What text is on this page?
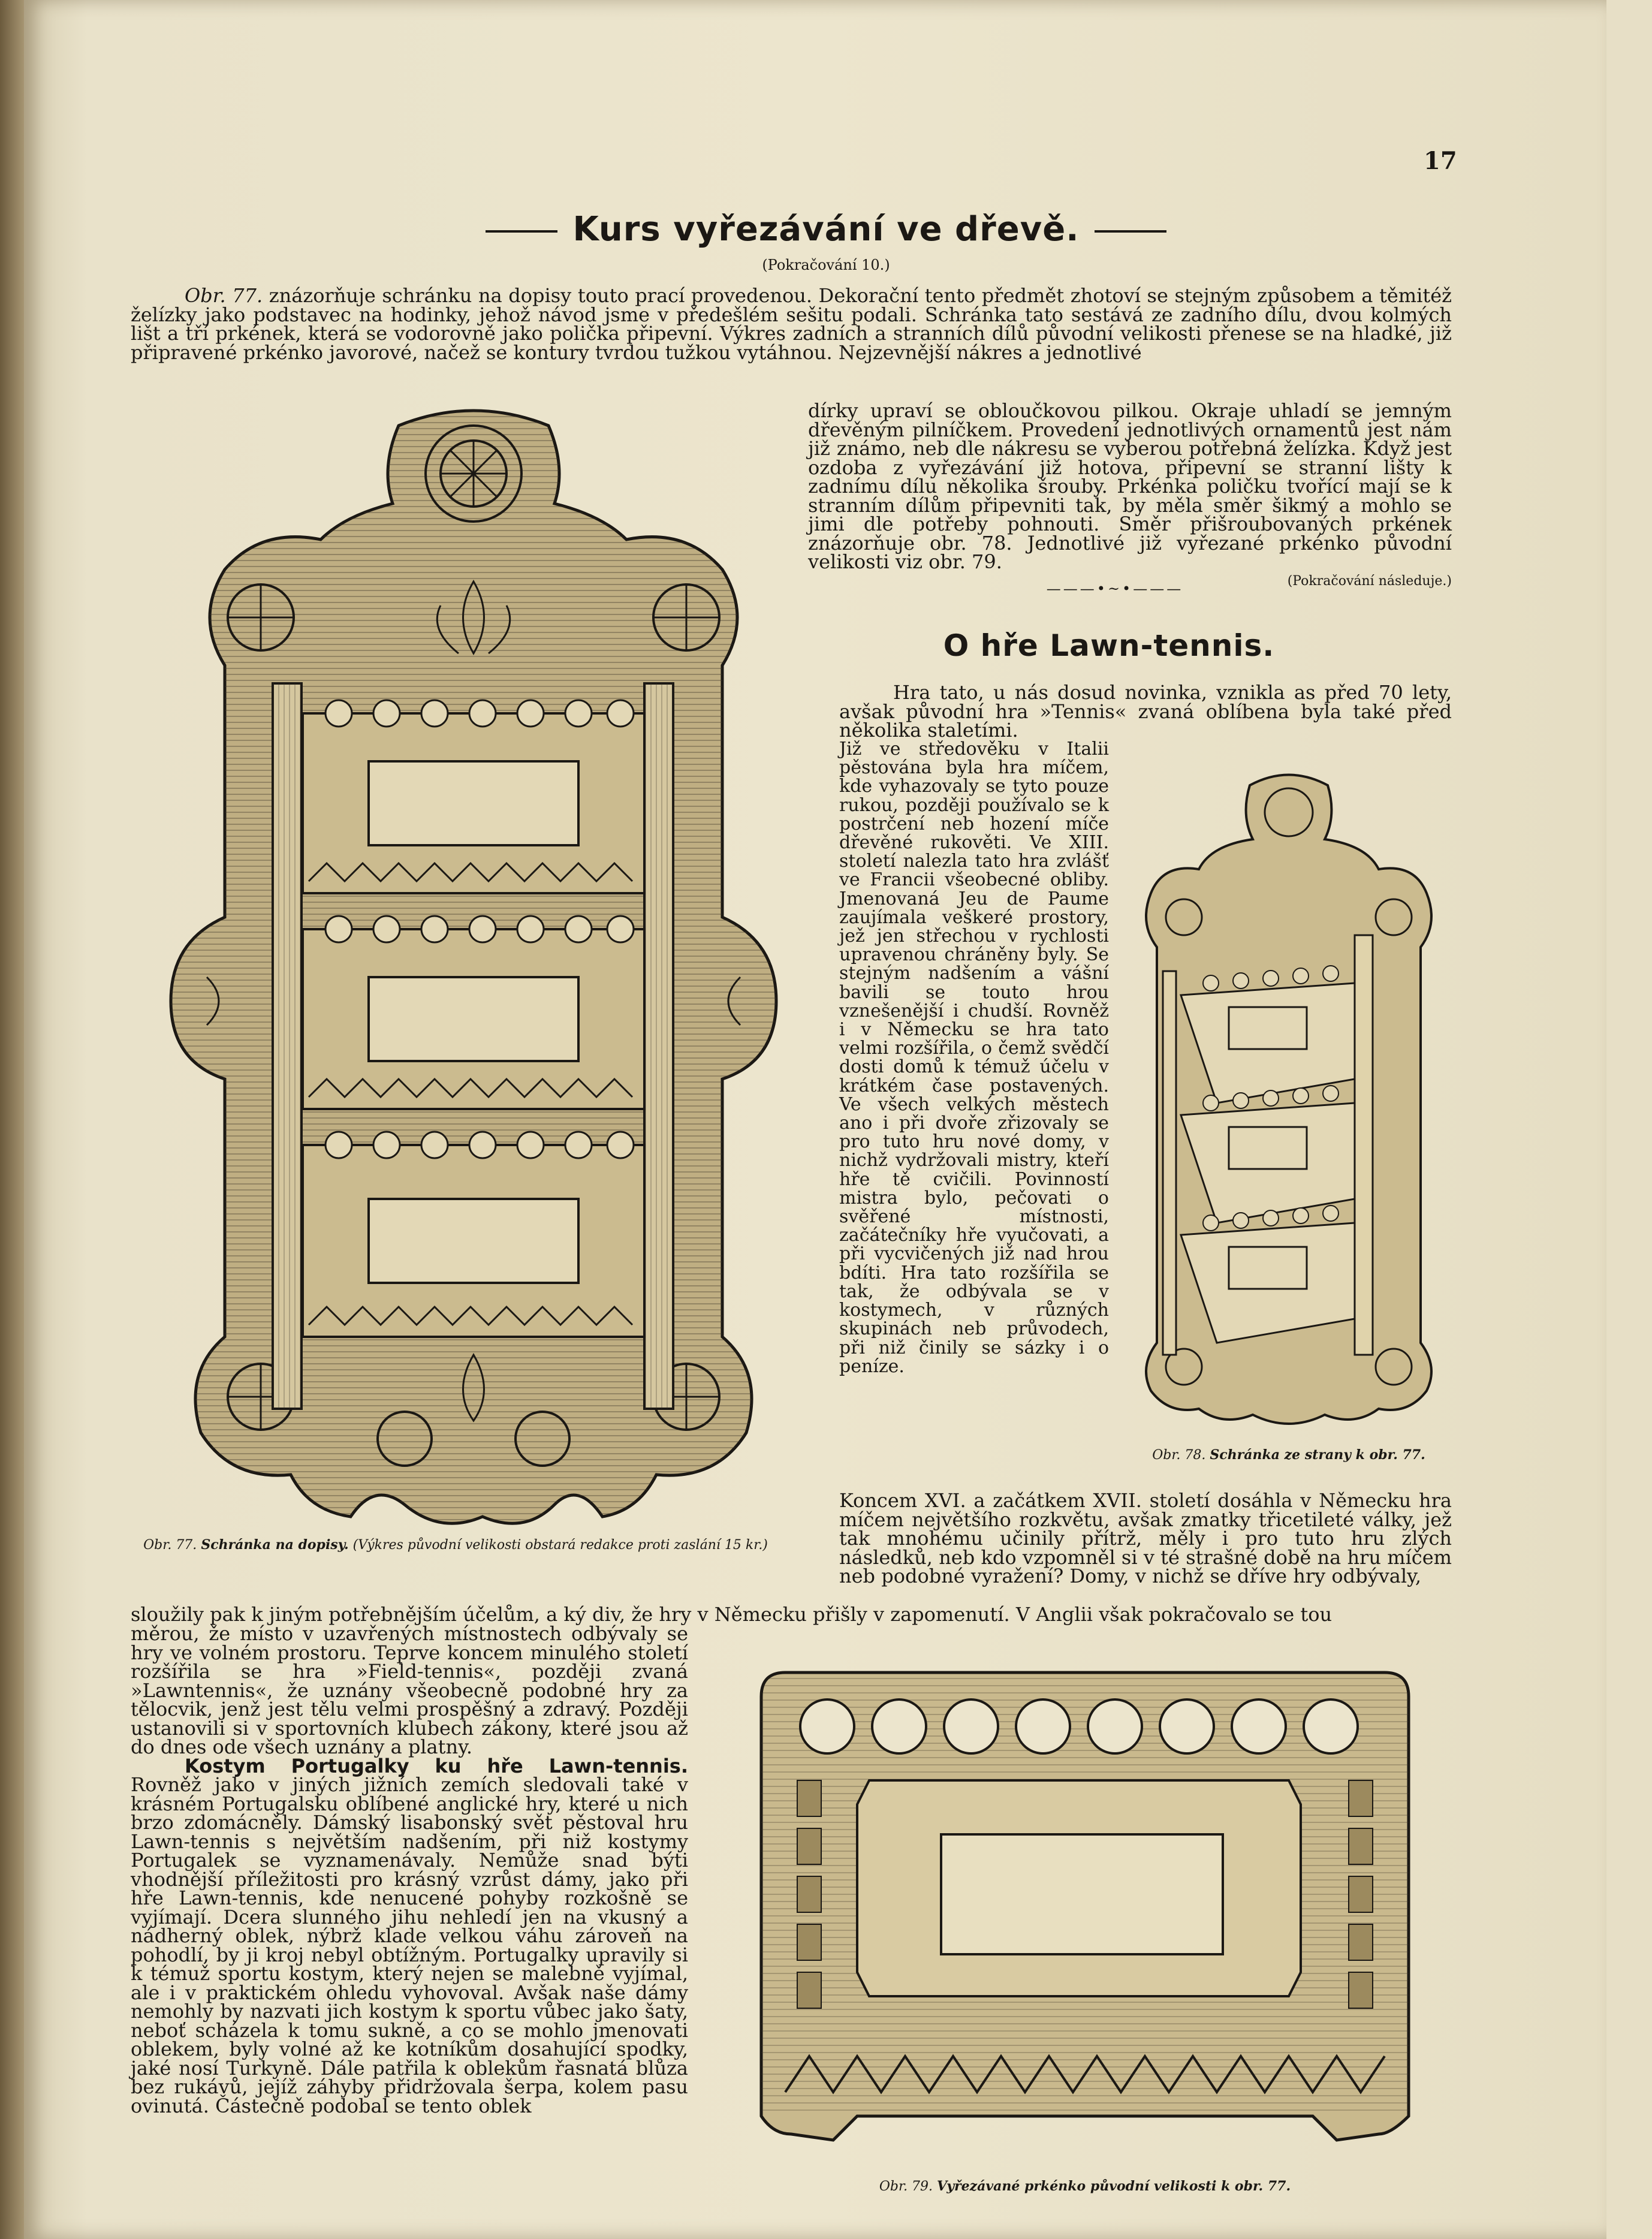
17
Kurs vyřezávání ve dřevě.
(Pokračování 10.)

Obr. 77. znázorňuje schránku na dopisy touto prací provedenou. Dekorační tento předmět zhotoví se stejným způsobem a těmitéž želízky jako podstavec na hodinky, jehož návod jsme v předešlém sešitu podali. Schránka tato sestává ze zadního dílu, dvou kolmých lišt a tří prkének, která se vodorovně jako polička připevní. Výkres zadních a stranních dílů původní velikosti přenese se na hladké, již připravené prkénko javorové, načež se kontury tvrdou tužkou vytáhnou. Nejzevnější nákres a jednotlivé

dírky upraví se obloučkovou pilkou. Okraje uhladí se jemným dřevěným pilníčkem. Provedení jednotlivých ornamentů jest nám již známo, neb dle nákresu se vyberou potřebná želízka. Když jest ozdoba z vyřezávání již hotova, připevní se stranní lišty k zadnímu dílu několika šrouby. Prkénka poličku tvořící mají se k stranním dílům připevniti tak, by měla směr šikmý a mohlo se jimi dle potřeby pohnouti. Směr přišroubovaných prkének znázorňuje obr. 78. Jednotlivé již vyřezané prkénko původní velikosti viz obr. 79.

(Pokračování následuje.)
———•~•———
O hře Lawn-tennis.

Hra tato, u nás dosud novinka, vznikla as před 70 lety, avšak původní hra »Tennis« zvaná oblíbena byla také před několika staletími.

Již ve středověku v Italii pěstována byla hra míčem, kde vyhazovaly se tyto pouze rukou, později používalo se k postrčení neb hození míče dřevěné rukověti. Ve XIII. století nalezla tato hra zvlášť ve Francii všeobecné obliby. Jmenovaná Jeu de Paume zaujímala veškeré prostory, jež jen střechou v rychlosti upravenou chráněny byly. Se stejným nadšením a vášní bavili se touto hrou vznešenější i chudší. Rovněž i v Německu se hra tato velmi rozšířila, o čemž svědčí dosti domů k témuž účelu v krátkém čase postavených. Ve všech velkých městech ano i při dvoře zřizovaly se pro tuto hru nové domy, v nichž vydržovali mistry, kteří hře tě cvičili. Povinností mistra bylo, pečovati o svěřené místnosti, začátečníky hře vyučovati, a při vycvičených již nad hrou bdíti. Hra tato rozšířila se tak, že odbývala se v kostymech, v různých skupinách neb průvodech, při niž činily se sázky i o peníze.

Koncem XVI. a začátkem XVII. století dosáhla v Německu hra míčem největšího rozkvětu, avšak zmatky třicetileté války, jež tak mnohému učinily přítrž, měly i pro tuto hru zlých následků, neb kdo vzpomněl si v té strašné době na hru míčem neb podobné vyražení? Domy, v nichž se dříve hry odbývaly,

sloužily pak k jiným potřebnějším účelům, a ký div, že hry v Německu přišly v zapomenutí. V Anglii však pokračovalo se tou

měrou, že místo v uzavřených místnostech odbývaly se hry ve volném prostoru. Teprve koncem minulého století rozšířila se hra »Field-tennis«, později zvaná »Lawntennis«, že uznány všeobecně podobné hry za tělocvik, jenž jest tělu velmi prospěšný a zdravý. Později ustanovili si v sportovních klubech zákony, které jsou až do dnes ode všech uznány a platny.

Kostym Portugalky ku hře Lawn-tennis. Rovněž jako v jiných jižních zemích sledovali také v krásném Portugalsku oblíbené anglické hry, které u nich brzo zdomácněly. Dámský lisabonský svět pěstoval hru Lawn-tennis s největším nadšením, při niž kostymy Portugalek se vyznamenávaly. Nemůže snad býti vhodnější příležitosti pro krásný vzrůst dámy, jako při hře Lawn-tennis, kde nenucené pohyby rozkošně se vyjímají. Dcera slunného jihu nehledí jen na vkusný a nádherný oblek, nýbrž klade velkou váhu zároveň na pohodlí, by ji kroj nebyl obtížným. Portugalky upravily si k témuž sportu kostym, který nejen se malebně vyjímal, ale i v praktickém ohledu vyhovoval. Avšak naše dámy nemohly by nazvati jich kostym k sportu vůbec jako šaty, neboť scházela k tomu sukně, a co se mohlo jmenovati oblekem, byly volné až ke kotníkům dosahující spodky, jaké nosí Turkyně. Dále patřila k oblekům řasnatá blůza bez rukávů, jejíž záhyby přidržovala šerpa, kolem pasu ovinutá. Částečně podobal se tento oblek

Obr. 77. Schránka na dopisy. (Výkres původní velikosti obstará redakce proti zaslání 15 kr.)
Obr. 78. Schránka ze strany k obr. 77.
Obr. 79. Vyřezávané prkénko původní velikosti k obr. 77.
